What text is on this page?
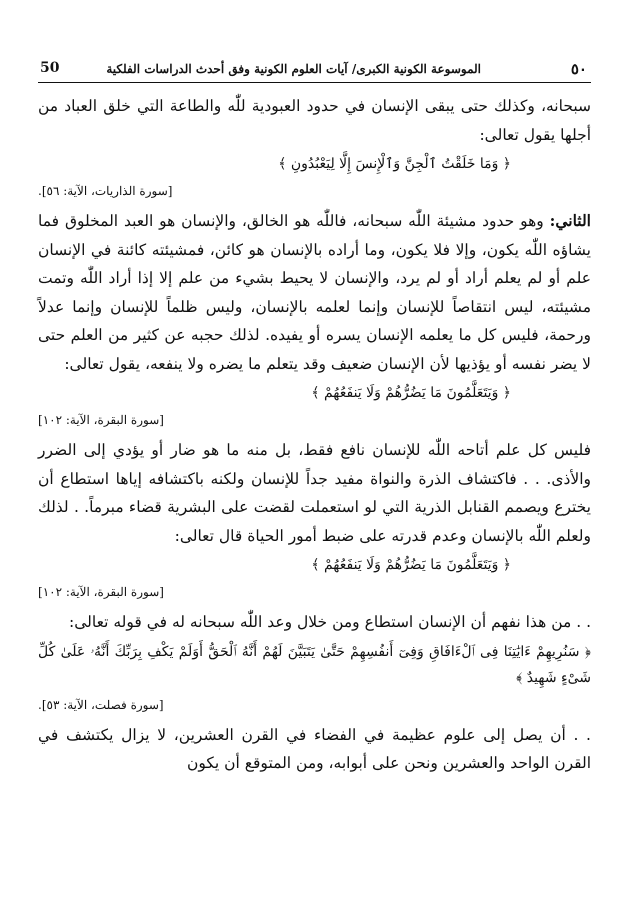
٥٠
الموسوعة الكونية الكبرى/ آيات العلوم الكونية وفق أحدث الدراسات الفلكية
50

سبحانه، وكذلك حتى يبقى الإنسان في حدود العبودية للّٰه والطاعة التي خلق العباد من أجلها يقول تعالى:

﴿ وَمَا خَلَقْتُ ٱلْجِنَّ وَٱلْإِنسَ إِلَّا لِيَعْبُدُونِ ﴾
[سورة الذاريات، الآية: ٥٦].

الثاني: وهو حدود مشيئة اللّٰه سبحانه، فاللّٰه هو الخالق، والإنسان هو العبد المخلوق فما يشاؤه اللّٰه يكون، وإلا فلا يكون، وما أراده بالإنسان هو كائن، فمشيئته كائنة في الإنسان علم أو لم يعلم أراد أو لم يرد، والإنسان لا يحيط بشيء من علم إلا إذا أراد اللّٰه وتمت مشيئته، ليس انتقاصاً للإنسان وإنما لعلمه بالإنسان، وليس ظلماً للإنسان وإنما عدلاً ورحمة، فليس كل ما يعلمه الإنسان يسره أو يفيده. لذلك حجبه عن كثير من العلم حتى لا يضر نفسه أو يؤذيها لأن الإنسان ضعيف وقد يتعلم ما يضره ولا ينفعه، يقول تعالى:

﴿ وَيَتَعَلَّمُونَ مَا يَضُرُّهُمْ وَلَا يَنفَعُهُمْ ﴾
[سورة البقرة، الآية: ١٠٢]

فليس كل علم أتاحه اللّٰه للإنسان نافع فقط، بل منه ما هو ضار أو يؤدي إلى الضرر والأذى. . . فاكتشاف الذرة والنواة مفيد جداً للإنسان ولكنه باكتشافه إياها استطاع أن يخترع ويصمم القنابل الذرية التي لو استعملت لقضت على البشرية قضاء مبرماً. . لذلك ولعلم اللّٰه بالإنسان وعدم قدرته على ضبط أمور الحياة قال تعالى:

﴿ وَيَتَعَلَّمُونَ مَا يَضُرُّهُمْ وَلَا يَنفَعُهُمْ ﴾
[سورة البقرة، الآية: ١٠٢]

. . من هذا نفهم أن الإنسان استطاع ومن خلال وعد اللّٰه سبحانه له في قوله تعالى:

﴿ سَنُرِيهِمْ ءَايَٰتِنَا فِى ٱلْءَافَاقِ وَفِىٓ أَنفُسِهِمْ حَتَّىٰ يَتَبَيَّنَ لَهُمْ أَنَّهُ ٱلْحَقُّ أَوَلَمْ يَكْفِ بِرَبِّكَ أَنَّهُۥ عَلَىٰ كُلِّ شَىْءٍ شَهِيدٌ ﴾
[سورة فصلت، الآية: ٥٣].

. . أن يصل إلى علوم عظيمة في الفضاء في القرن العشرين، لا يزال يكتشف في القرن الواحد والعشرين ونحن على أبوابه، ومن المتوقع أن يكون
